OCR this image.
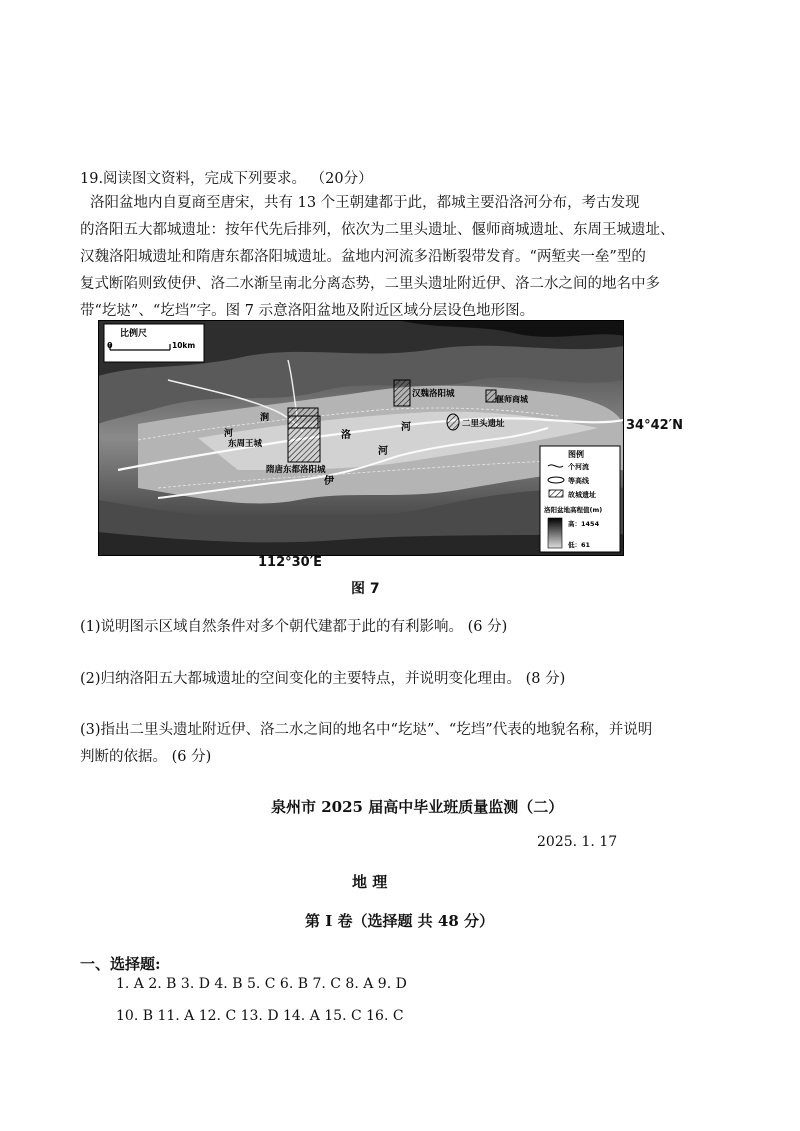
19.阅读图文资料，完成下列要求。 （20分）
洛阳盆地内自夏商至唐宋，共有 13 个王朝建都于此，都城主要沿洛河分布，考古发现
的洛阳五大都城遗址：按年代先后排列，依次为二里头遗址、偃师商城遗址、东周王城遗址、
汉魏洛阳城遗址和隋唐东都洛阳城遗址。盆地内河流多沿断裂带发育。“两堑夹一垒”型的
复式断陷则致使伊、洛二水渐呈南北分离态势，二里头遗址附近伊、洛二水之间的地名中多
带“圪垯”、“圪垱”字。图 7 示意洛阳盆地及附近区域分层设色地形图。
比例尺
0	10km
汉魏洛阳城
偃师商城
二里头遗址
东周王城
隋唐东都洛阳城
洛
河
伊
河
涧
河
图例
个河流
等高线
故城遗址
洛阳盆地高程值(m)
高：1454
低：61
34°42′N
112°30′E
图 7
(1)说明图示区域自然条件对多个朝代建都于此的有利影响。 (6 分)
(2)归纳洛阳五大都城遗址的空间变化的主要特点，并说明变化理由。 (8 分)
(3)指出二里头遗址附近伊、洛二水之间的地名中“圪垯”、“圪垱”代表的地貌名称，并说明
判断的依据。 (6 分)
泉州市 2025 届高中毕业班质量监测（二）
2025. 1. 17
地 理
第 I 卷（选择题 共 48 分）
一、选择题:
1. A 2. B 3. D 4. B 5. C 6. B 7. C 8. A 9. D
10. B 11. A 12. C 13. D 14. A 15. C 16. C
